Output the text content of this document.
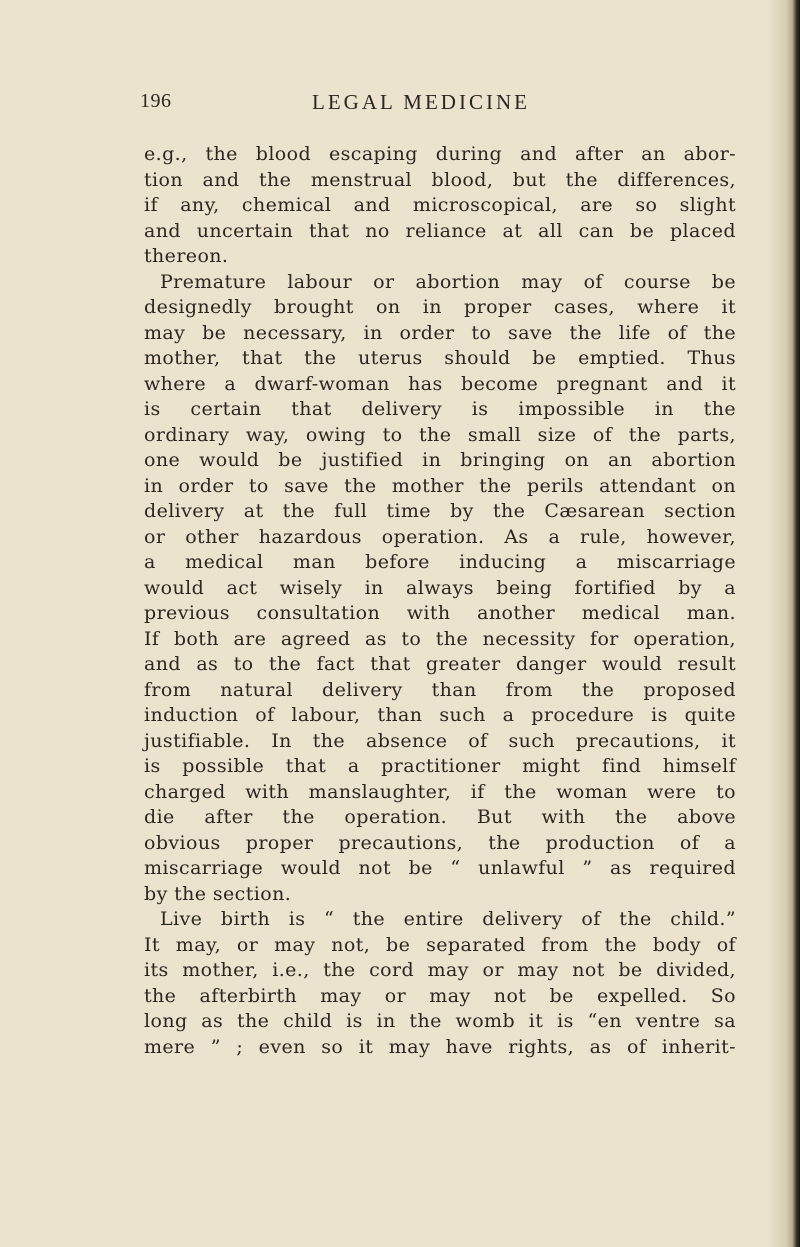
196	LEGAL MEDICINE
e.g., the blood escaping during and after an abor-
tion and the menstrual blood, but the differences,
if any, chemical and microscopical, are so slight
and uncertain that no reliance at all can be placed
thereon.
Premature labour or abortion may of course be
designedly brought on in proper cases, where it
may be necessary, in order to save the life of the
mother, that the uterus should be emptied. Thus
where a dwarf-woman has become pregnant and it
is certain that delivery is impossible in the
ordinary way, owing to the small size of the parts,
one would be justified in bringing on an abortion
in order to save the mother the perils attendant on
delivery at the full time by the Cæsarean section
or other hazardous operation. As a rule, however,
a medical man before inducing a miscarriage
would act wisely in always being fortified by a
previous consultation with another medical man.
If both are agreed as to the necessity for operation,
and as to the fact that greater danger would result
from natural delivery than from the proposed
induction of labour, than such a procedure is quite
justifiable. In the absence of such precautions, it
is possible that a practitioner might find himself
charged with manslaughter, if the woman were to
die after the operation. But with the above
obvious proper precautions, the production of a
miscarriage would not be “ unlawful ” as required
by the section.
Live birth is “ the entire delivery of the child.”
It may, or may not, be separated from the body of
its mother, i.e., the cord may or may not be divided,
the afterbirth may or may not be expelled. So
long as the child is in the womb it is “en ventre sa
mere ” ; even so it may have rights, as of inherit-
